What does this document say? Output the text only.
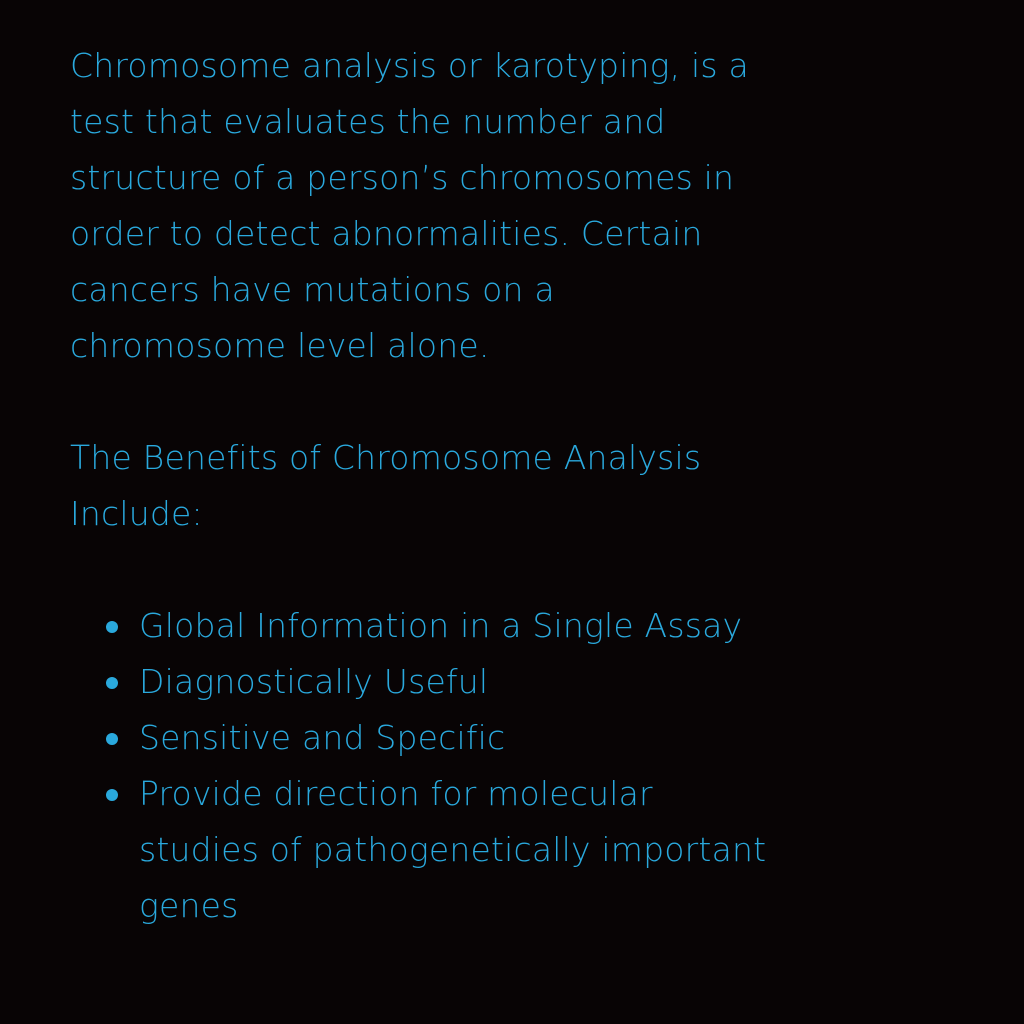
Chromosome analysis or karotyping, is a
test that evaluates the number and
structure of a person’s chromosomes in
order to detect abnormalities. Certain
cancers have mutations on a
chromosome level alone.
The Benefits of Chromosome Analysis
Include:
Global Information in a Single Assay
Diagnostically Useful
Sensitive and Specific
Provide direction for molecular
studies of pathogenetically important
genes
